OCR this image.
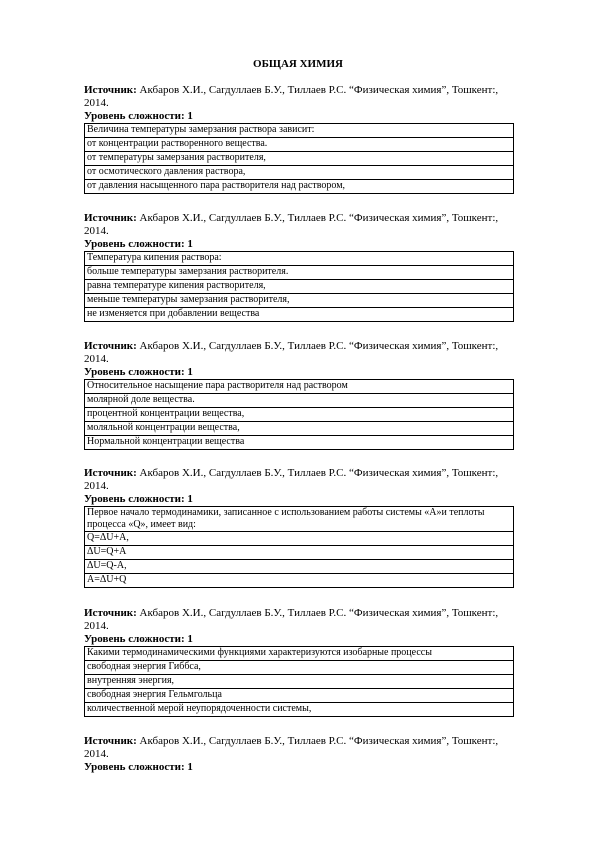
ОБЩАЯ ХИМИЯ

Источник: Акбаров Х.И., Сагдуллаев Б.У., Тиллаев Р.С. “Физическая химия”, Тошкент:, 2014.

Уровень сложности: 1

Величина температуры замерзания раствора зависит:
от концентрации растворенного вещества.
от температуры замерзания растворителя,
от осмотического давления раствора,
от давления насыщенного пара растворителя над раствором,

Источник: Акбаров Х.И., Сагдуллаев Б.У., Тиллаев Р.С. “Физическая химия”, Тошкент:, 2014.

Уровень сложности: 1

Температура кипения раствора:
больше температуры замерзания растворителя.
равна температуре кипения растворителя,
меньше температуры замерзания растворителя,
не изменяется при добавлении вещества

Источник: Акбаров Х.И., Сагдуллаев Б.У., Тиллаев Р.С. “Физическая химия”, Тошкент:, 2014.

Уровень сложности: 1

Относительное насыщение пара растворителя над раствором
молярной доле вещества.
процентной концентрации вещества,
моляльной концентрации вещества,
Нормальной концентрации вещества

Источник: Акбаров Х.И., Сагдуллаев Б.У., Тиллаев Р.С. “Физическая химия”, Тошкент:, 2014.

Уровень сложности: 1

Первое начало термодинамики, записанное с использованием работы системы «А»и теплоты процесса «Q», имеет вид:
Q=ΔU+A,
ΔU=Q+A
ΔU=Q-A,
A=ΔU+Q

Источник: Акбаров Х.И., Сагдуллаев Б.У., Тиллаев Р.С. “Физическая химия”, Тошкент:, 2014.

Уровень сложности: 1

Какими термодинамическими функциями характеризуются изобарные процессы
свободная энергия Гиббса,
внутренняя энергия,
свободная энергия Гельмгольца
количественной мерой неупорядоченности системы,

Источник: Акбаров Х.И., Сагдуллаев Б.У., Тиллаев Р.С. “Физическая химия”, Тошкент:, 2014.

Уровень сложности: 1
